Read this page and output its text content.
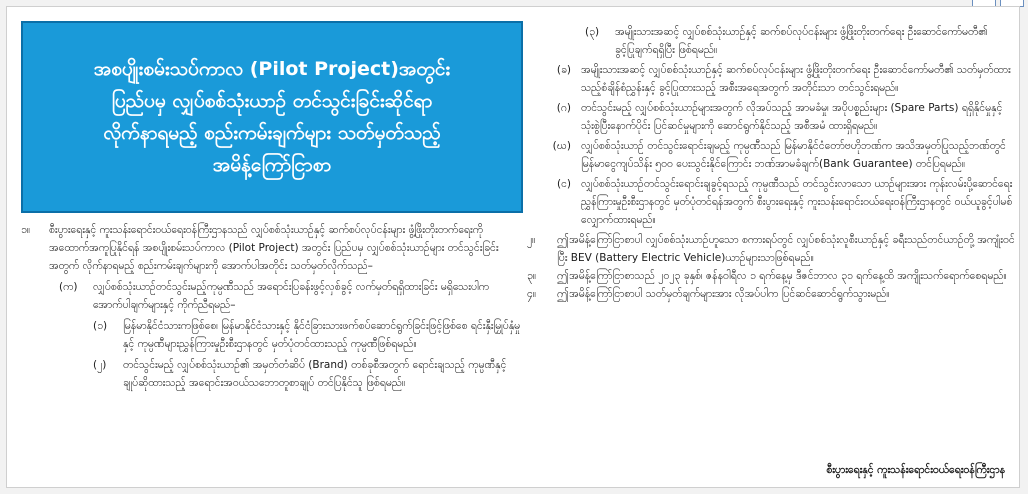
အစပျိုးစမ်းသပ်ကာလ (Pilot Project)အတွင်း
ပြည်ပမှ လျှပ်စစ်သုံးယာဉ် တင်သွင်းခြင်းဆိုင်ရာ
လိုက်နာရမည့် စည်းကမ်းချက်များ သတ်မှတ်သည့်
အမိန့်ကြော်ငြာစာ
၁။	စီးပွားရေးနှင့် ကူးသန်းရောင်းဝယ်ရေးဝန်ကြီးဌာနသည် လျှပ်စစ်သုံးယာဉ်နှင့် ဆက်စပ်လုပ်ငန်းများ ဖွံ့ဖြိုးတိုးတက်ရေးကို အထောက်အကူပြုနိုင်ရန် အစပျိုးစမ်းသပ်ကာလ (Pilot Project) အတွင်း ပြည်ပမှ လျှပ်စစ်သုံးယာဉ်များ တင်သွင်းခြင်းအတွက် လိုက်နာရမည့် စည်းကမ်းချက်များကို အောက်ပါအတိုင်း သတ်မှတ်လိုက်သည်–
(က)	လျှပ်စစ်သုံးယာဉ်တင်သွင်းမည့်ကုမ္ပဏီသည် အရောင်းပြခန်းဖွင့်လှစ်ခွင့် လက်မှတ်ရရှိထားခြင်း မရှိသေးပါက အောက်ပါချက်များနှင့် ကိုက်ညီရမည်–
(၁)	မြန်မာနိုင်ငံသားကဖြစ်စေ၊ မြန်မာနိုင်ငံသားနှင့် နိုင်ငံခြားသားဖက်စပ်ဆောင်ရွက်ခြင်းဖြင့်ဖြစ်စေ ရင်းနှီးမြှုပ်နှံမှုနှင့် ကုမ္ပဏီများညွှန်ကြားမှုဦးစီးဌာနတွင် မှတ်ပုံတင်ထားသည့် ကုမ္ပဏီဖြစ်ရမည်။
(၂)	တင်သွင်းမည့် လျှပ်စစ်သုံးယာဉ်၏ အမှတ်တံဆိပ် (Brand) တစ်ခုစီအတွက် ရောင်းချသည့် ကုမ္ပဏီနှင့် ချုပ်ဆိုထားသည့် အရောင်းအဝယ်သဘောတူစာချုပ် တင်ပြနိုင်သူ ဖြစ်ရမည်။
(၃)	အမျိုးသားအဆင့် လျှပ်စစ်သုံးယာဉ်နှင့် ဆက်စပ်လုပ်ငန်းများ ဖွံ့ဖြိုးတိုးတက်ရေး ဦးဆောင်ကော်မတီ၏ ခွင့်ပြုချက်ရရှိပြီး ဖြစ်ရမည်။
(ခ) အမျိုးသားအဆင့် လျှပ်စစ်သုံးယာဉ်နှင့် ဆက်စပ်လုပ်ငန်းများ ဖွံ့ဖြိုးတိုးတက်ရေး ဦးဆောင်ကော်မတီ၏ သတ်မှတ်ထားသည့်စံချိန်စံညွှန်းနှင့် ခွင့်ပြုထားသည့် အစီးအရေအတွက် အတိုင်းသာ တင်သွင်းရမည်။
(ဂ) တင်သွင်းမည့် လျှပ်စစ်သုံးယာဉ်များအတွက် လိုအပ်သည့် အာမခံမှု၊ အပိုပစ္စည်းများ (Spare Parts) ရရှိနိုင်မှုနှင့် သုံးစွဲပြီးနောက်ပိုင်း ပြင်ဆင်မှုများကို ဆောင်ရွက်နိုင်သည့် အစီအမံ ထားရှိရမည်။
(ဃ) လျှပ်စစ်သုံးယာဉ် တင်သွင်းရောင်းချမည့် ကုမ္ပဏီသည် မြန်မာနိုင်ငံတော်ဗဟိုဘဏ်က အသိအမှတ်ပြုသည့်ဘဏ်တွင် မြန်မာငွေကျပ်သိန်း ၅၀၀ ပေးသွင်းနိုင်ကြောင်း ဘဏ်အာမခံချက်(Bank Guarantee) တင်ပြရမည်။
(င) လျှပ်စစ်သုံးယာဉ်တင်သွင်းရောင်းချခွင့်ရသည့် ကုမ္ပဏီသည် တင်သွင်းလာသော ယာဉ်များအား ကုန်းလမ်းပို့ဆောင်ရေးညွှန်ကြားမှုဦးစီးဌာနတွင် မှတ်ပုံတင်ရန်အတွက် စီးပွားရေးနှင့် ကူးသန်းရောင်းဝယ်ရေးဝန်ကြီးဌာနတွင် ဝယ်ယူခွင့်ပါမစ် လျှောက်ထားရမည်။
၂။	ဤအမိန့်ကြော်ငြာစာပါ လျှပ်စစ်သုံးယာဉ်ဟူသော စကားရပ်တွင် လျှပ်စစ်သုံးလူစီးယာဉ်နှင့် ခရီးသည်တင်ယာဉ်တို့ အကျုံးဝင်ပြီး BEV (Battery Electric Vehicle)ယာဉ်များသာဖြစ်ရမည်။
၃။	ဤအမိန့်ကြော်ငြာစာသည် ၂၀၂၃ ခုနှစ်၊ ဇန်နဝါရီလ ၁ ရက်နေ့မှ ဒီဇင်ဘာလ ၃၁ ရက်နေ့ထိ အကျိုးသက်ရောက်စေရမည်။
၄။	ဤအမိန့်ကြော်ငြာစာပါ သတ်မှတ်ချက်များအား လိုအပ်ပါက ပြင်ဆင်ဆောင်ရွက်သွားမည်။
စီးပွားရေးနှင့် ကူးသန်းရောင်းဝယ်ရေးဝန်ကြီးဌာန
